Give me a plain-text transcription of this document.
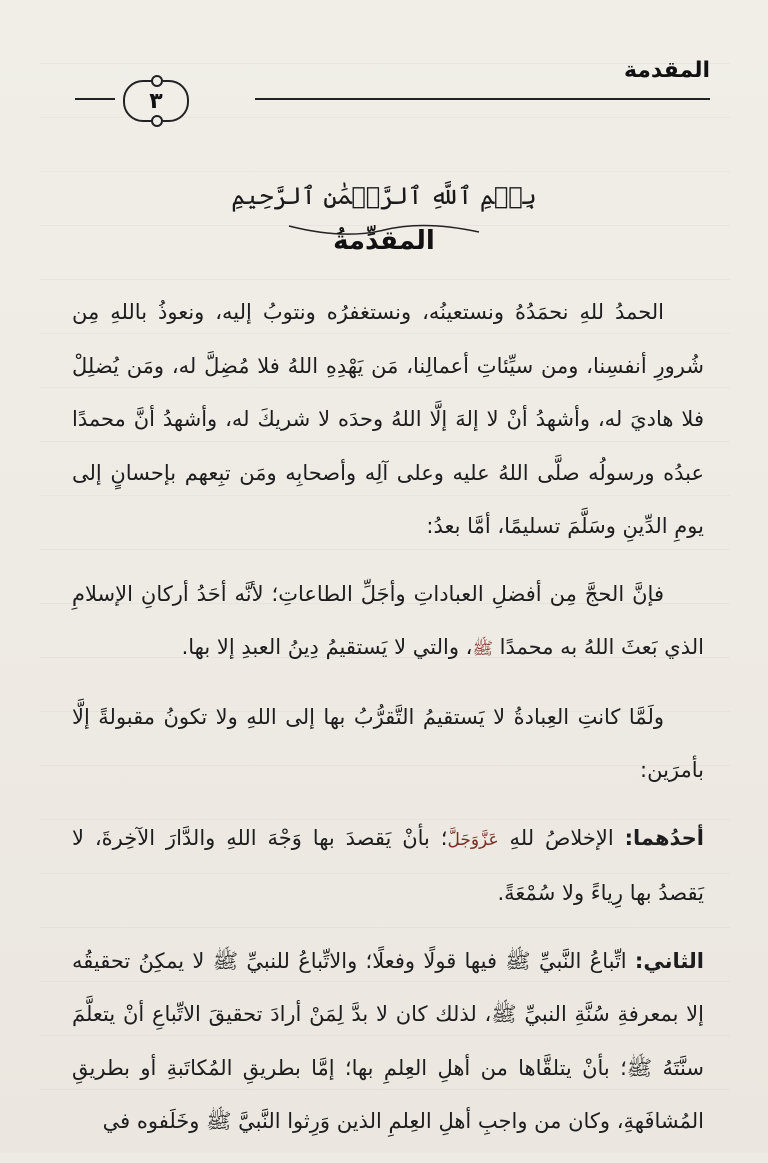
المقدمة
٣
بِسۡمِ ٱللَّهِ ٱلرَّحۡمَٰنِ ٱلرَّحِيمِ
المقدِّمةُ

الحمدُ للهِ نحمَدُهُ ونستعينُه، ونستغفرُه ونتوبُ إليه، ونعوذُ باللهِ مِن شُرورِ أنفسِنا، ومن سيِّئاتِ أعمالِنا، مَن يَهْدِهِ اللهُ فلا مُضِلَّ له، ومَن يُضلِلْ فلا هاديَ له، وأشهدُ أنْ لا إلهَ إلَّا اللهُ وحدَه لا شريكَ له، وأشهدُ أنَّ محمدًا عبدُه ورسولُه صلَّى اللهُ عليه وعلى آلِه وأصحابِه ومَن تبِعهم بإحسانٍ إلى يومِ الدِّينِ وسَلَّمَ تسليمًا، أمَّا بعدُ:

فإنَّ الحجَّ مِن أفضلِ العباداتِ وأجَلِّ الطاعاتِ؛ لأنَّه أحَدُ أركانِ الإسلامِ الذي بَعثَ اللهُ به محمدًا ﷺ، والتي لا يَستقيمُ دِينُ العبدِ إلا بها.

ولَمَّا كانتِ العِبادةُ لا يَستقيمُ التَّقرُّبُ بها إلى اللهِ ولا تكونُ مقبولةً إلَّا بأمرَين:

أحدُهما: الإخلاصُ للهِ عَزَّوَجَلَّ؛ بأنْ يَقصدَ بها وَجْهَ اللهِ والدَّارَ الآخِرةَ، لا يَقصدُ بها رِياءً ولا سُمْعَةً.

الثاني: اتِّباعُ النَّبيِّ ﷺ فيها قولًا وفعلًا؛ والاتِّباعُ للنبيِّ ﷺ لا يمكِنُ تحقيقُه إلا بمعرفةِ سُنَّةِ النبيِّ ﷺ، لذلك كان لا بدَّ لِمَنْ أرادَ تحقيقَ الاتِّباعِ أنْ يتعلَّمَ سنَّتَهُ ﷺ؛ بأنْ يتلقَّاها من أهلِ العِلمِ بها؛ إمَّا بطريقِ المُكاتَبةِ أو بطريقِ المُشافَهةِ، وكان من واجبِ أهلِ العِلمِ الذين وَرِثوا النَّبيَّ ﷺ وخَلَفوه في
